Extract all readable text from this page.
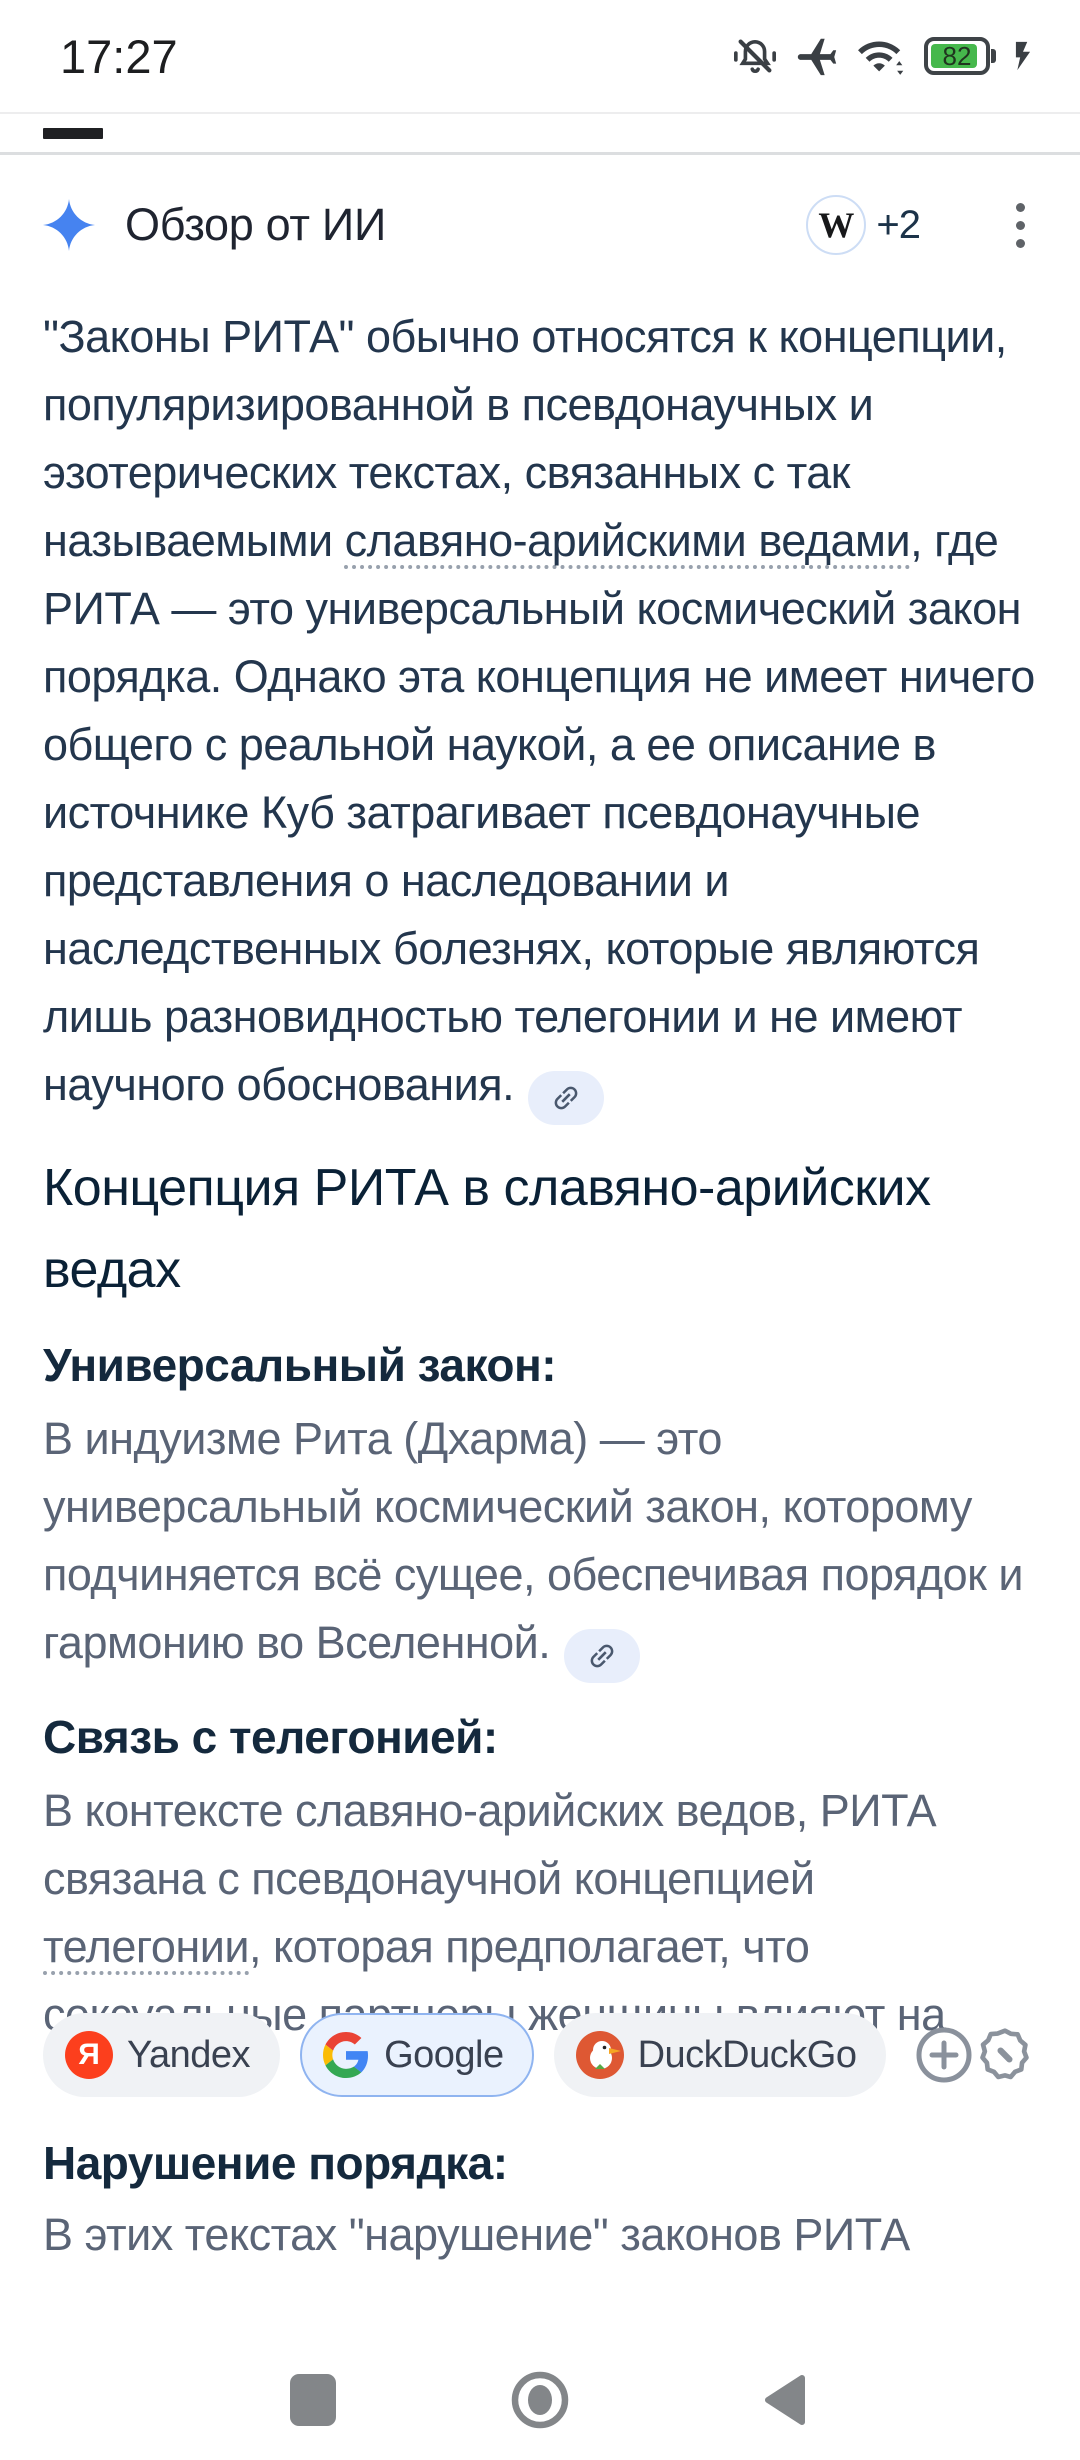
17:27	82
Обзор от ИИ	W +2

"Законы РИТА" обычно относятся к концепции, популяризированной в псевдонаучных и эзотерических текстах, связанных с так называемыми славяно-арийскими ведами, где РИТА — это универсальный космический закон порядка. Однако эта концепция не имеет ничего общего с реальной наукой, а ее описание в источнике Куб затрагивает псевдонаучные представления о наследовании и наследственных болезнях, которые являются лишь разновидностью телегонии и не имеют научного обоснования.

Концепция РИТА в славяно-арийских ведах
Универсальный закон:

В индуизме Рита (Дхарма) — это универсальный космический закон, которому подчиняется всё сущее, обеспечивая порядок и гармонию во Вселенной.

Связь с телегонией:

В контексте славяно-арийских ведов, РИТА связана с псевдонаучной концепцией телегонии, которая предполагает, что

Я Yandex	Google	DuckDuckGo
Нарушение порядка:
В этих текстах "нарушение" законов РИТА
